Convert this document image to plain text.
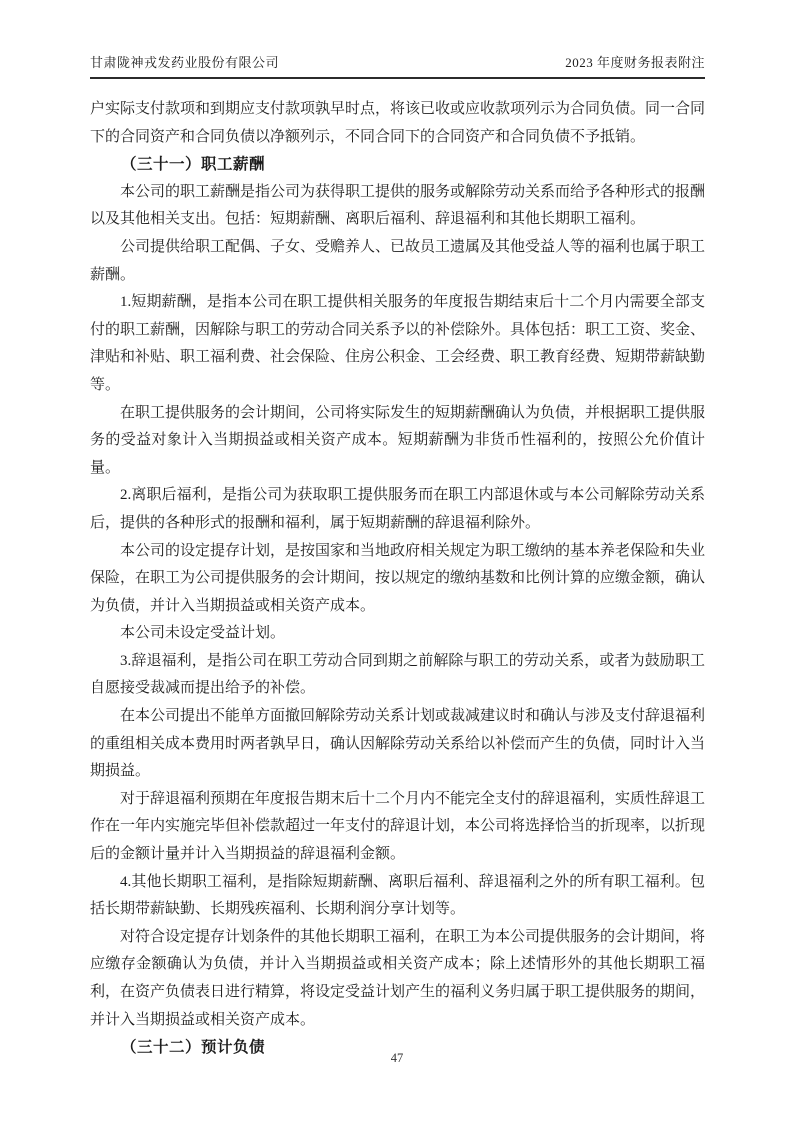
甘肃陇神戎发药业股份有限公司	2023 年度财务报表附注

户实际支付款项和到期应支付款项孰早时点，将该已收或应收款项列示为合同负债。同一合同下的合同资产和合同负债以净额列示，不同合同下的合同资产和合同负债不予抵销。

（三十一）职工薪酬

本公司的职工薪酬是指公司为获得职工提供的服务或解除劳动关系而给予各种形式的报酬以及其他相关支出。包括：短期薪酬、离职后福利、辞退福利和其他长期职工福利。

公司提供给职工配偶、子女、受赡养人、已故员工遗属及其他受益人等的福利也属于职工薪酬。

1.短期薪酬，是指本公司在职工提供相关服务的年度报告期结束后十二个月内需要全部支付的职工薪酬，因解除与职工的劳动合同关系予以的补偿除外。具体包括：职工工资、奖金、津贴和补贴、职工福利费、社会保险、住房公积金、工会经费、职工教育经费、短期带薪缺勤等。

在职工提供服务的会计期间，公司将实际发生的短期薪酬确认为负债，并根据职工提供服务的受益对象计入当期损益或相关资产成本。短期薪酬为非货币性福利的，按照公允价值计量。

2.离职后福利，是指公司为获取职工提供服务而在职工内部退休或与本公司解除劳动关系后，提供的各种形式的报酬和福利，属于短期薪酬的辞退福利除外。

本公司的设定提存计划，是按国家和当地政府相关规定为职工缴纳的基本养老保险和失业保险，在职工为公司提供服务的会计期间，按以规定的缴纳基数和比例计算的应缴金额，确认为负债，并计入当期损益或相关资产成本。

本公司未设定受益计划。

3.辞退福利，是指公司在职工劳动合同到期之前解除与职工的劳动关系，或者为鼓励职工自愿接受裁减而提出给予的补偿。

在本公司提出不能单方面撤回解除劳动关系计划或裁减建议时和确认与涉及支付辞退福利的重组相关成本费用时两者孰早日，确认因解除劳动关系给以补偿而产生的负债，同时计入当期损益。

对于辞退福利预期在年度报告期末后十二个月内不能完全支付的辞退福利，实质性辞退工作在一年内实施完毕但补偿款超过一年支付的辞退计划，本公司将选择恰当的折现率，以折现后的金额计量并计入当期损益的辞退福利金额。

4.其他长期职工福利，是指除短期薪酬、离职后福利、辞退福利之外的所有职工福利。包括长期带薪缺勤、长期残疾福利、长期利润分享计划等。

对符合设定提存计划条件的其他长期职工福利，在职工为本公司提供服务的会计期间，将应缴存金额确认为负债，并计入当期损益或相关资产成本；除上述情形外的其他长期职工福利，在资产负债表日进行精算，将设定受益计划产生的福利义务归属于职工提供服务的期间，并计入当期损益或相关资产成本。

（三十二）预计负债
47
